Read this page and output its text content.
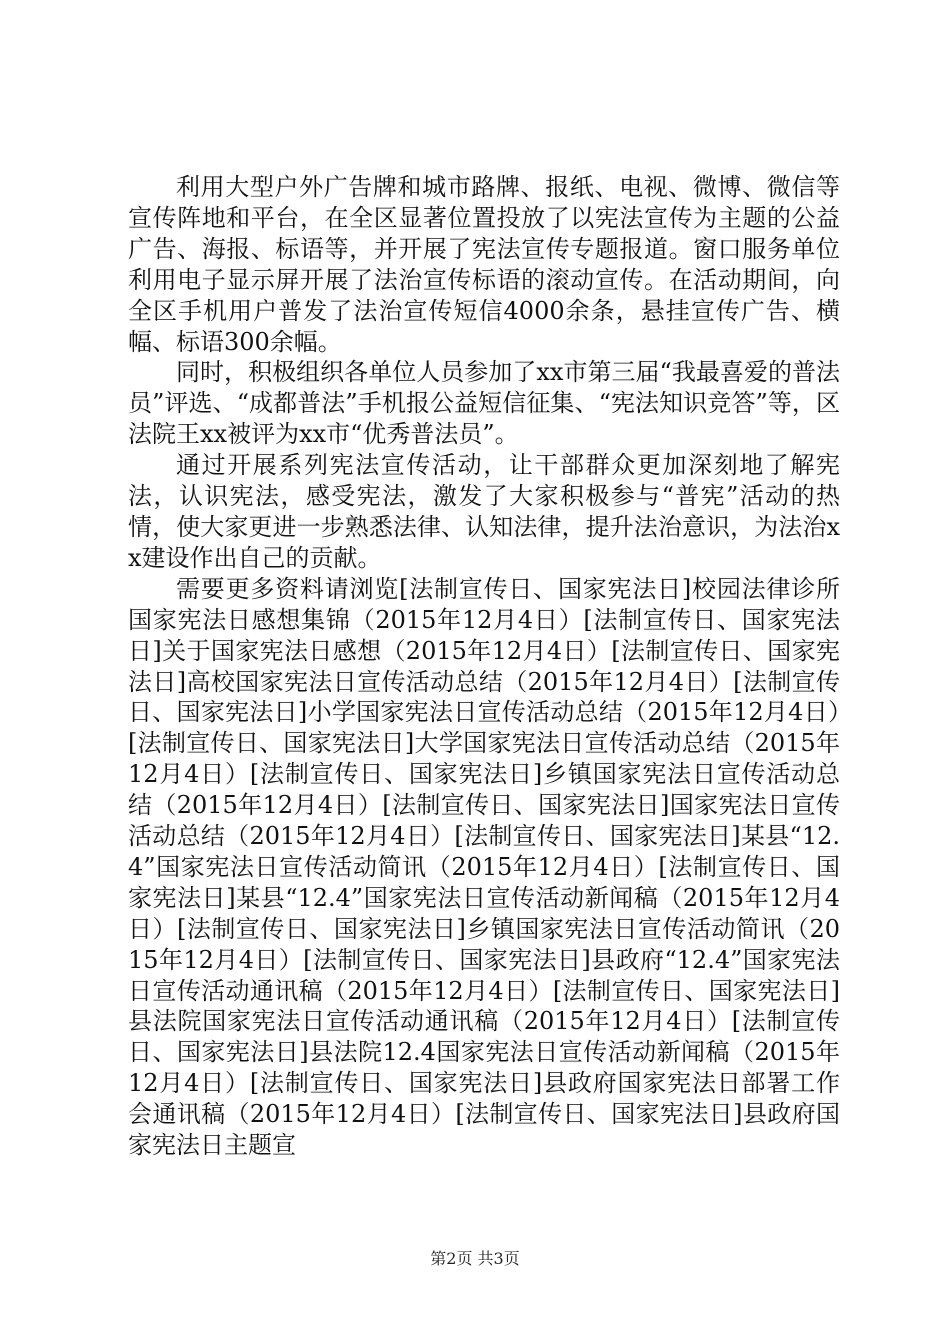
利用大型户外广告牌和城市路牌、报纸、电视、微博、微信等宣传阵地和平台，在全区显著位置投放了以宪法宣传为主题的公益广告、海报、标语等，并开展了宪法宣传专题报道。窗口服务单位利用电子显示屏开展了法治宣传标语的滚动宣传。在活动期间，向全区手机用户普发了法治宣传短信4000余条，悬挂宣传广告、横幅、标语300余幅。

同时，积极组织各单位人员参加了xx市第三届“我最喜爱的普法员”评选、“成都普法”手机报公益短信征集、“宪法知识竞答”等，区法院王xx被评为xx市“优秀普法员”。

通过开展系列宪法宣传活动，让干部群众更加深刻地了解宪法，认识宪法，感受宪法，激发了大家积极参与“普宪”活动的热情，使大家更进一步熟悉法律、认知法律，提升法治意识，为法治xx建设作出自己的贡献。

需要更多资料请浏览[法制宣传日、国家宪法日]校园法律诊所国家宪法日感想集锦（2015年12月4日）[法制宣传日、国家宪法日]关于国家宪法日感想（2015年12月4日）[法制宣传日、国家宪法日]高校国家宪法日宣传活动总结（2015年12月4日）[法制宣传日、国家宪法日]小学国家宪法日宣传活动总结（2015年12月4日）[法制宣传日、国家宪法日]大学国家宪法日宣传活动总结（2015年12月4日）[法制宣传日、国家宪法日]乡镇国家宪法日宣传活动总结（2015年12月4日）[法制宣传日、国家宪法日]国家宪法日宣传活动总结（2015年12月4日）[法制宣传日、国家宪法日]某县“12.4”国家宪法日宣传活动简讯（2015年12月4日）[法制宣传日、国家宪法日]某县“12.4”国家宪法日宣传活动新闻稿（2015年12月4日）[法制宣传日、国家宪法日]乡镇国家宪法日宣传活动简讯（2015年12月4日）[法制宣传日、国家宪法日]县政府“12.4”国家宪法日宣传活动通讯稿（2015年12月4日）[法制宣传日、国家宪法日]县法院国家宪法日宣传活动通讯稿（2015年12月4日）[法制宣传日、国家宪法日]县法院12.4国家宪法日宣传活动新闻稿（2015年12月4日）[法制宣传日、国家宪法日]县政府国家宪法日部署工作会通讯稿（2015年12月4日）[法制宣传日、国家宪法日]县政府国家宪法日主题宣

第2页 共3页
